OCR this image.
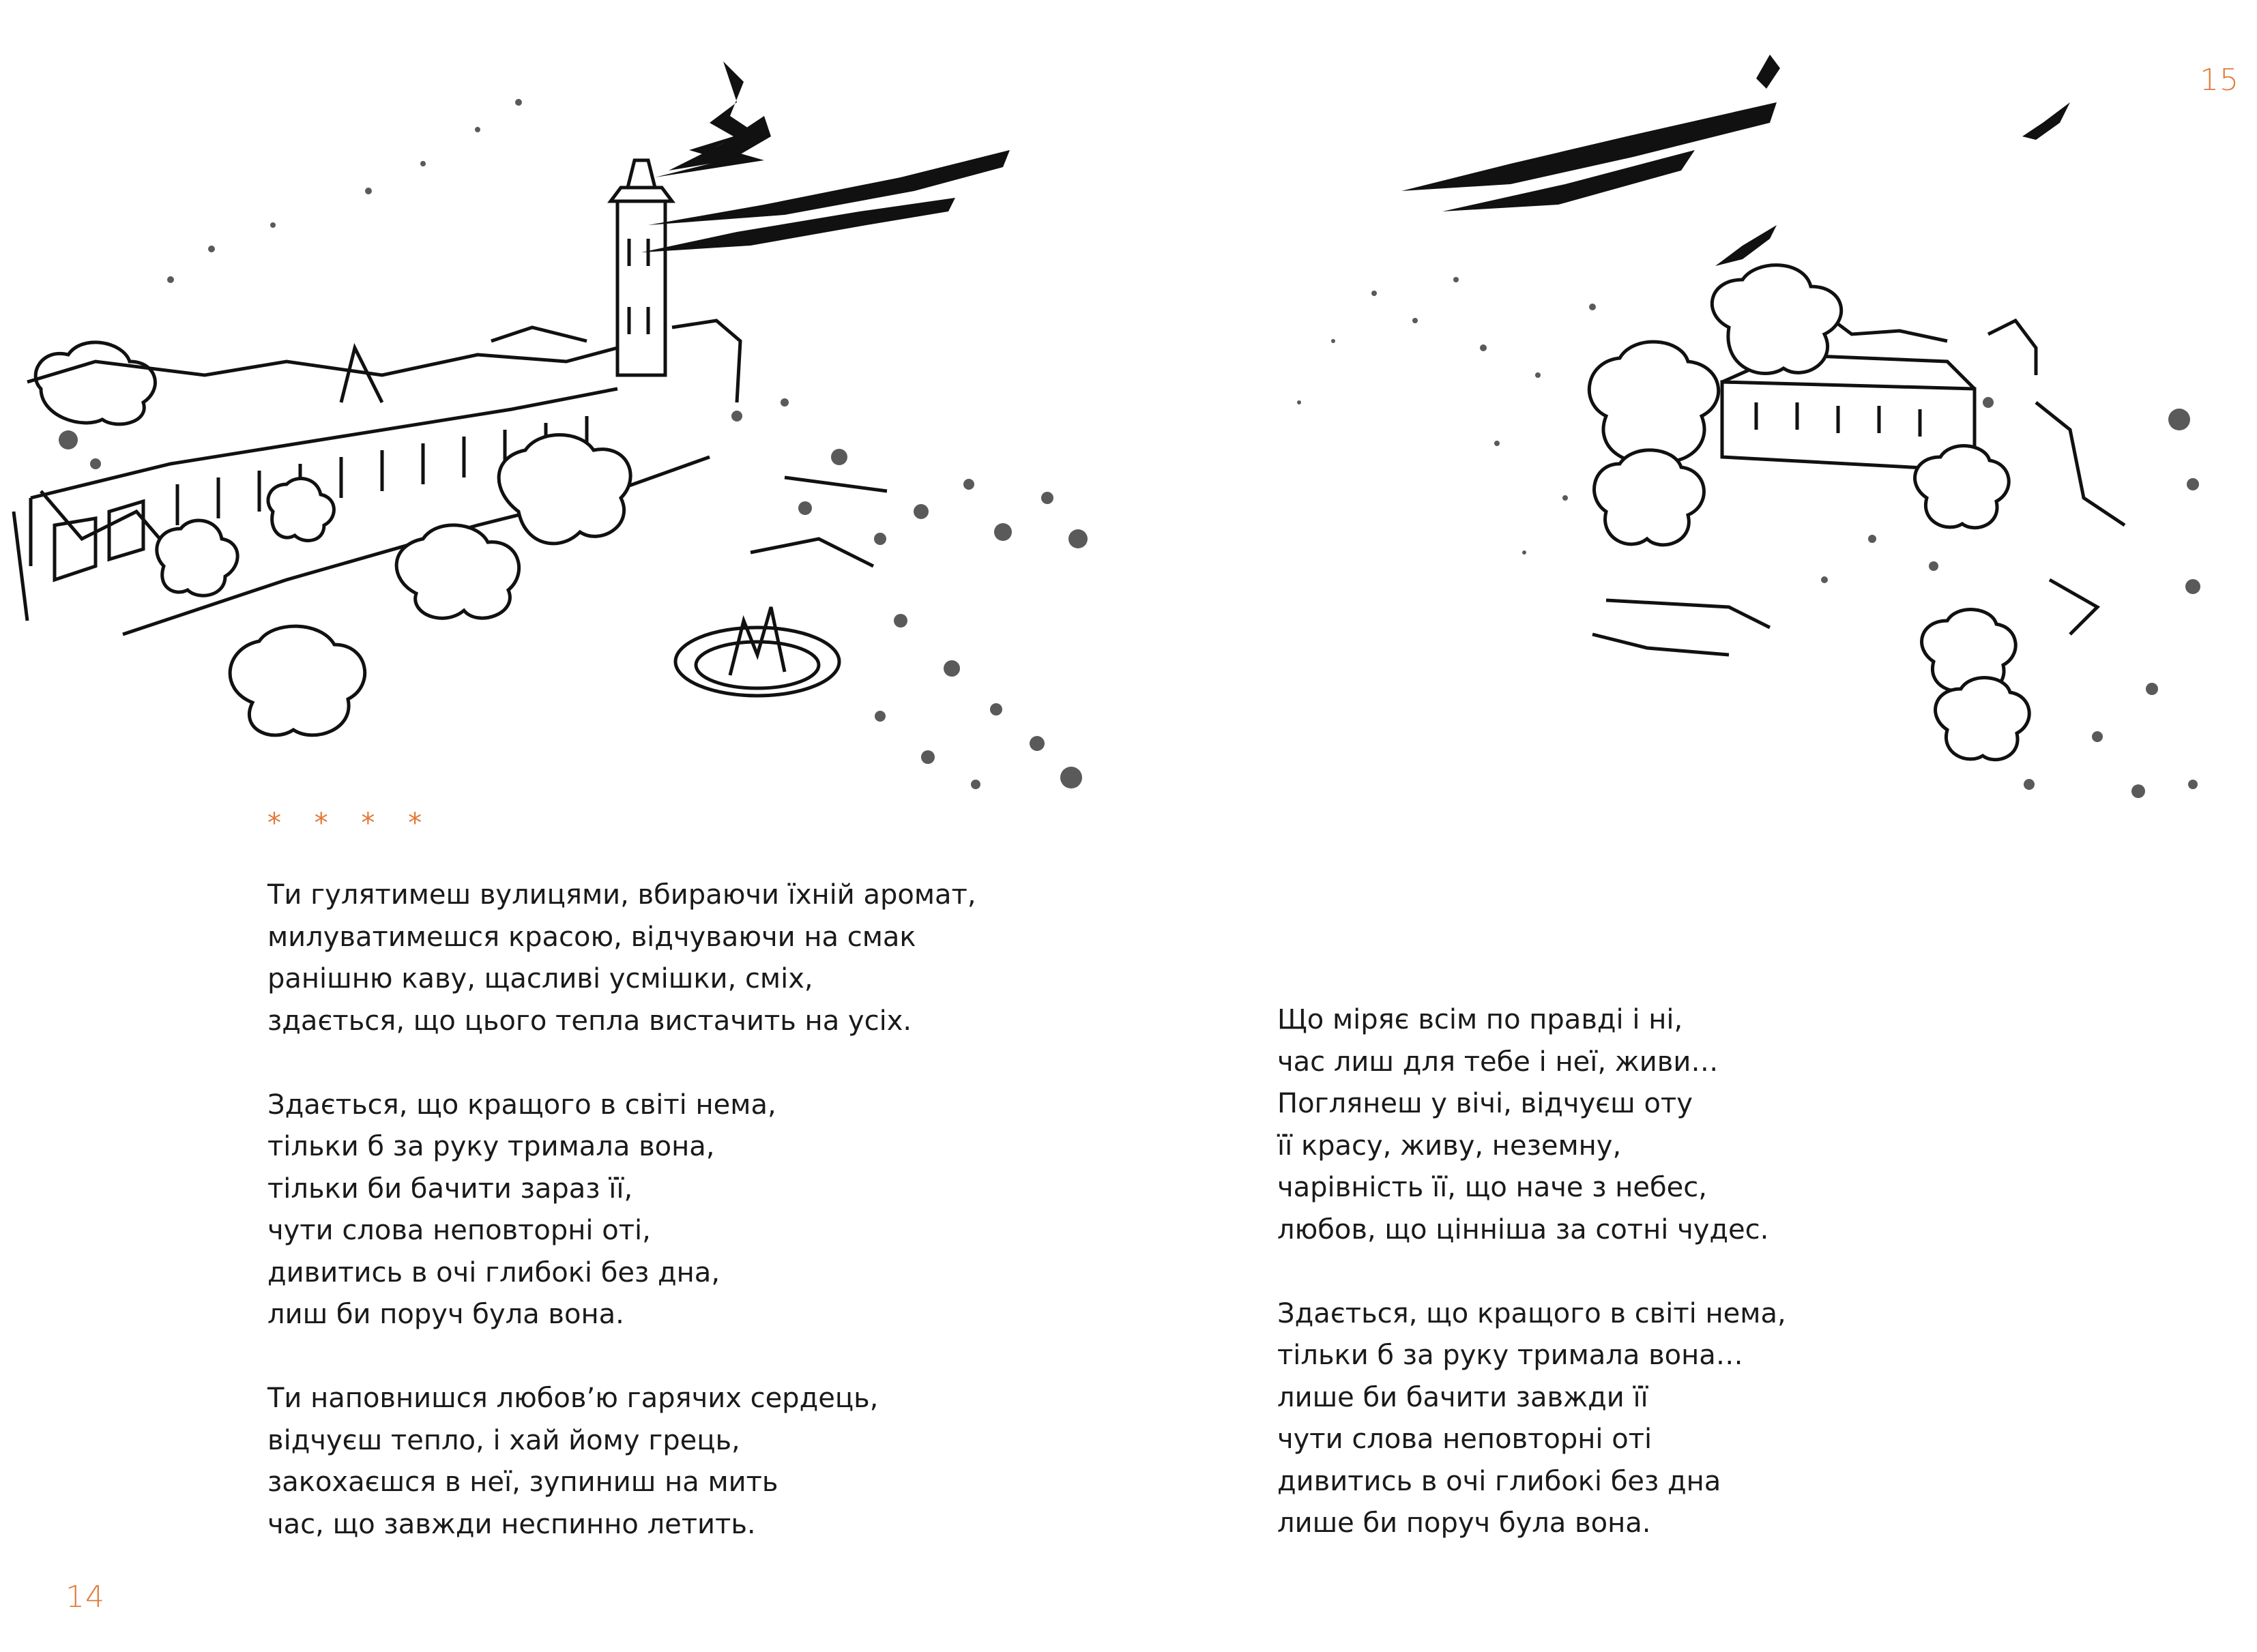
* * * *
Ти гулятимеш вулицями, вбираючи їхній аромат,
милуватимешся красою, відчуваючи на смак
ранішню каву, щасливі усмішки, сміх,
здається, що цього тепла вистачить на усіх.
Здається, що кращого в світі нема,
тільки б за руку тримала вона,
тільки би бачити зараз її,
чути слова неповторні оті,
дивитись в очі глибокі без дна,
лиш би поруч була вона.
Ти наповнишся любов’ю гарячих сердець,
відчуєш тепло, і хай йому грець,
закохаєшся в неї, зупиниш на мить
час, що завжди неспинно летить.
14
Що міряє всім по правді і ні,
час лиш для тебе і неї, живи…
Поглянеш у вічі, відчуєш оту
її красу, живу, неземну,
чарівність її, що наче з небес,
любов, що цінніша за сотні чудес.
Здається, що кращого в світі нема,
тільки б за руку тримала вона…
лише би бачити завжди її
чути слова неповторні оті
дивитись в очі глибокі без дна
лише би поруч була вона.
15
